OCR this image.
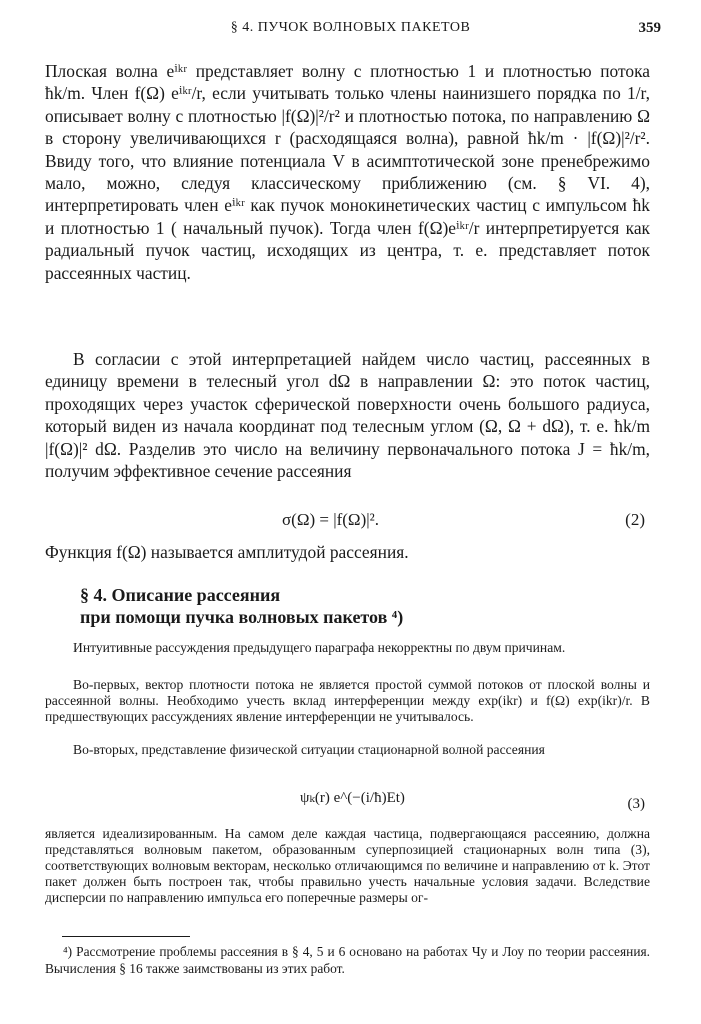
§ 4. ПУЧОК ВОЛНОВЫХ ПАКЕТОВ	359

Плоская волна eⁱᵏʳ представляет волну с плотностью 1 и плотностью потока ħk/m. Член f(Ω) eⁱᵏʳ/r, если учитывать только члены наинизшего порядка по 1/r, описывает волну с плотностью |f(Ω)|²/r² и плотностью потока, по направлению Ω в сторону увеличивающихся r (расходящаяся волна), равной ħk/m · |f(Ω)|²/r². Ввиду того, что влияние потенциала V в асимптотической зоне пренебрежимо мало, можно, следуя классическому приближению (см. § VI. 4), интерпретировать член eⁱᵏʳ как пучок монокинетических частиц с импульсом ħk и плотностью 1 ( начальный пучок). Тогда член f(Ω)eⁱᵏʳ/r интерпретируется как радиальный пучок частиц, исходящих из центра, т. е. представляет поток рассеянных частиц.

В согласии с этой интерпретацией найдем число частиц, рассеянных в единицу времени в телесный угол dΩ в направлении Ω: это поток частиц, проходящих через участок сферической поверхности очень большого радиуса, который виден из начала координат под телесным углом (Ω, Ω + dΩ), т. е. ħk/m |f(Ω)|² dΩ. Разделив это число на величину первоначального потока J = ħk/m, получим эффективное сечение рассеяния

σ(Ω) = |f(Ω)|².	(2)

Функция f(Ω) называется амплитудой рассеяния.

§ 4. Описание рассеяния
при помощи пучка волновых пакетов ⁴)

Интуитивные рассуждения предыдущего параграфа некорректны по двум причинам.

Во-первых, вектор плотности потока не является простой суммой потоков от плоской волны и рассеянной волны. Необходимо учесть вклад интерференции между exp(ikr) и f(Ω) exp(ikr)/r. В предшествующих рассуждениях явление интерференции не учитывалось.

Во-вторых, представление физической ситуации стационарной волной рассеяния

ψₖ(r) e^(−(i/ħ)Et)	(3)

является идеализированным. На самом деле каждая частица, подвергающаяся рассеянию, должна представляться волновым пакетом, образованным суперпозицией стационарных волн типа (3), соответствующих волновым векторам, несколько отличающимся по величине и направлению от k. Этот пакет должен быть построен так, чтобы правильно учесть начальные условия задачи. Вследствие дисперсии по направлению импульса его поперечные размеры ог-

⁴) Рассмотрение проблемы рассеяния в § 4, 5 и 6 основано на работах Чу и Лоу по теории рассеяния. Вычисления § 16 также заимствованы из этих работ.
